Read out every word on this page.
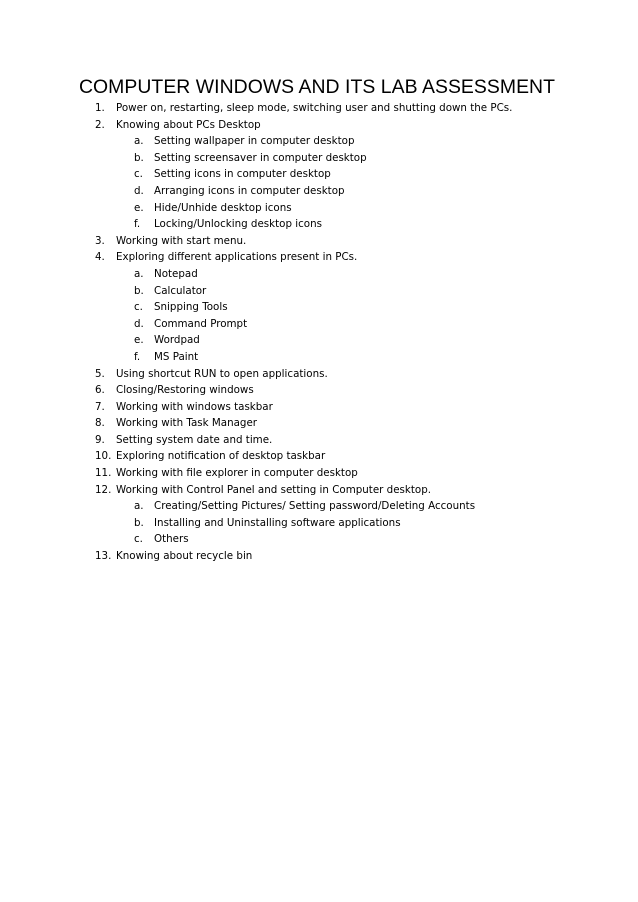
COMPUTER WINDOWS AND ITS LAB ASSESSMENT
1. Power on, restarting, sleep mode, switching user and shutting down the PCs.
2. Knowing about PCs Desktop
a. Setting wallpaper in computer desktop
b. Setting screensaver in computer desktop
c. Setting icons in computer desktop
d. Arranging icons in computer desktop
e. Hide/Unhide desktop icons
f. Locking/Unlocking desktop icons
3. Working with start menu.
4. Exploring different applications present in PCs.
a. Notepad
b. Calculator
c. Snipping Tools
d. Command Prompt
e. Wordpad
f. MS Paint
5. Using shortcut RUN to open applications.
6. Closing/Restoring windows
7. Working with windows taskbar
8. Working with Task Manager
9. Setting system date and time.
10. Exploring notification of desktop taskbar
11. Working with file explorer in computer desktop
12. Working with Control Panel and setting in Computer desktop.
a. Creating/Setting Pictures/ Setting password/Deleting Accounts
b. Installing and Uninstalling software applications
c. Others
13. Knowing about recycle bin
